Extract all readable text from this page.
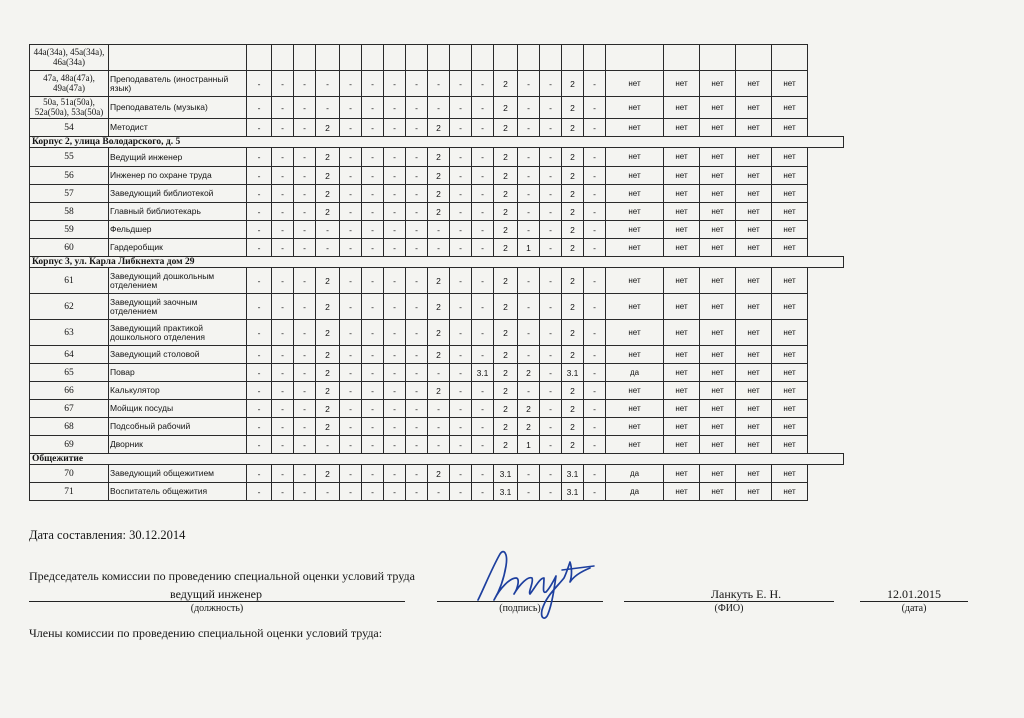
44а(34а), 45а(34а), 46а(34а)																						
47а, 48а(47а), 49а(47а)	Преподаватель (иностранный язык)	-	-	-	-	-	-	-	-	-	-	-	2	-	-	2	-	нет	нет	нет	нет	нет
50а, 51а(50а), 52а(50а), 53а(50а)	Преподаватель (музыка)	-	-	-	-	-	-	-	-	-	-	-	2	-	-	2	-	нет	нет	нет	нет	нет
54	Методист	-	-	-	2	-	-	-	-	2	-	-	2	-	-	2	-	нет	нет	нет	нет	нет
Корпус 2, улица Володарского, д. 5																						
55	Ведущий инженер	-	-	-	2	-	-	-	-	2	-	-	2	-	-	2	-	нет	нет	нет	нет	нет
56	Инженер по охране труда	-	-	-	2	-	-	-	-	2	-	-	2	-	-	2	-	нет	нет	нет	нет	нет
57	Заведующий библиотекой	-	-	-	2	-	-	-	-	2	-	-	2	-	-	2	-	нет	нет	нет	нет	нет
58	Главный библиотекарь	-	-	-	2	-	-	-	-	2	-	-	2	-	-	2	-	нет	нет	нет	нет	нет
59	Фельдшер	-	-	-	-	-	-	-	-	-	-	-	2	-	-	2	-	нет	нет	нет	нет	нет
60	Гардеробщик	-	-	-	-	-	-	-	-	-	-	-	2	1	-	2	-	нет	нет	нет	нет	нет
Корпус 3, ул. Карла Либкнехта дом 29																						
61	Заведующий дошкольным отделением	-	-	-	2	-	-	-	-	2	-	-	2	-	-	2	-	нет	нет	нет	нет	нет
62	Заведующий заочным отделением	-	-	-	2	-	-	-	-	2	-	-	2	-	-	2	-	нет	нет	нет	нет	нет
63	Заведующий практикой дошкольного отделения	-	-	-	2	-	-	-	-	2	-	-	2	-	-	2	-	нет	нет	нет	нет	нет
64	Заведующий столовой	-	-	-	2	-	-	-	-	2	-	-	2	-	-	2	-	нет	нет	нет	нет	нет
65	Повар	-	-	-	2	-	-	-	-	-	-	3.1	2	2	-	3.1	-	да	нет	нет	нет	нет
66	Калькулятор	-	-	-	2	-	-	-	-	2	-	-	2	-	-	2	-	нет	нет	нет	нет	нет
67	Мойщик посуды	-	-	-	2	-	-	-	-	-	-	-	2	2	-	2	-	нет	нет	нет	нет	нет
68	Подсобный рабочий	-	-	-	2	-	-	-	-	-	-	-	2	2	-	2	-	нет	нет	нет	нет	нет
69	Дворник	-	-	-	-	-	-	-	-	-	-	-	2	1	-	2	-	нет	нет	нет	нет	нет
Общежитие																						
70	Заведующий общежитием	-	-	-	2	-	-	-	-	2	-	-	3.1	-	-	3.1	-	да	нет	нет	нет	нет
71	Воспитатель общежития	-	-	-	-	-	-	-	-	-	-	-	3.1	-	-	3.1	-	да	нет	нет	нет	нет
Дата составления: 30.12.2014
Председатель комиссии по проведению специальной оценки условий труда
ведущий инженер	Ланкуть Е. Н.	12.01.2015
(должность)	(подпись)	(ФИО)	(дата)
Члены комиссии по проведению специальной оценки условий труда:
